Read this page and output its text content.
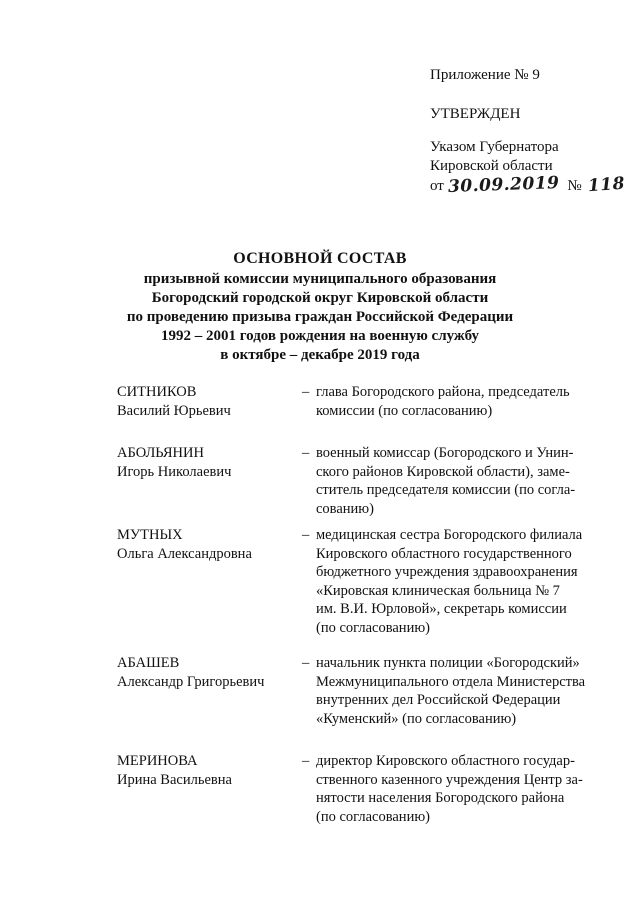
Приложение № 9
УТВЕРЖДЕН
Указом Губернатора
Кировской области
от 30.09.2019 № 118
ОСНОВНОЙ СОСТАВ
призывной комиссии муниципального образования
Богородский городской округ Кировской области
по проведению призыва граждан Российской Федерации
1992 – 2001 годов рождения на военную службу
в октябре – декабре 2019 года
СИТНИКОВ
Василий Юрьевич
– глава Богородского района, председатель
комиссии (по согласованию)
АБОЛЬЯНИН
Игорь Николаевич
– военный комиссар (Богородского и Унин-
ского районов Кировской области), заме-
ститель председателя комиссии (по согла-
сованию)
МУТНЫХ
Ольга Александровна
– медицинская сестра Богородского филиала
Кировского областного государственного
бюджетного учреждения здравоохранения
«Кировская клиническая больница № 7
им. В.И. Юрловой», секретарь комиссии
(по согласованию)
АБАШЕВ
Александр Григорьевич
– начальник пункта полиции «Богородский»
Межмуниципального отдела Министерства
внутренних дел Российской Федерации
«Куменский» (по согласованию)
МЕРИНОВА
Ирина Васильевна
– директор Кировского областного государ-
ственного казенного учреждения Центр за-
нятости населения Богородского района
(по согласованию)
